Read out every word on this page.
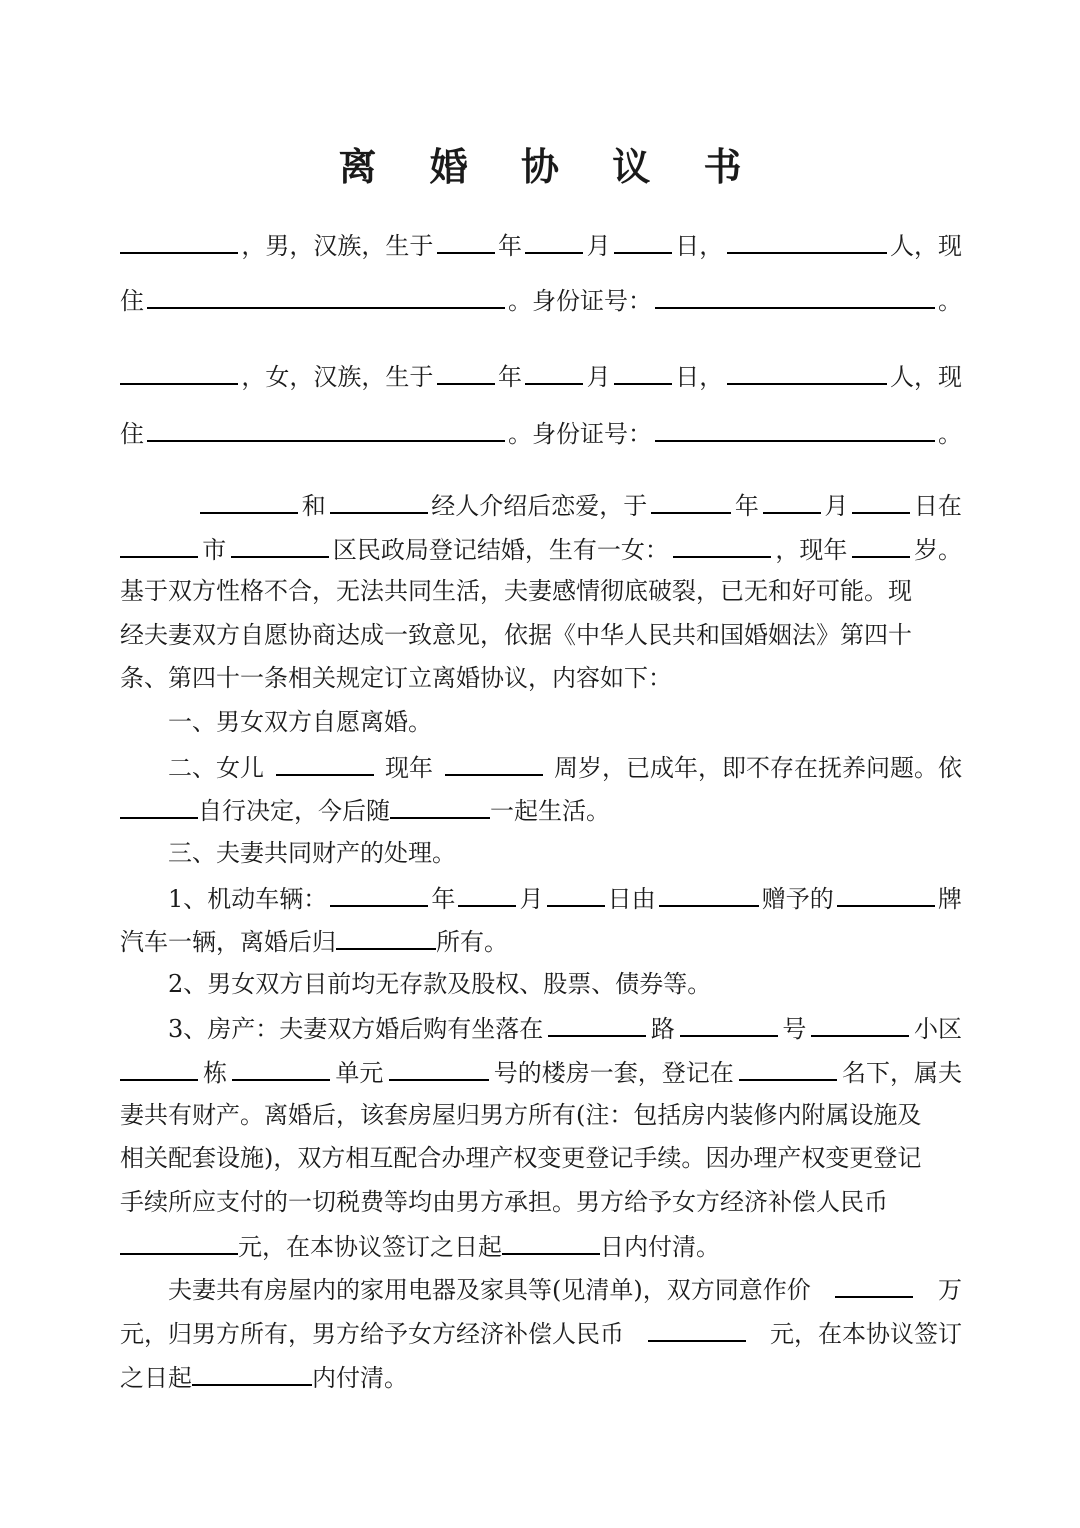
离 婚 协 议 书
，男，汉族，生于	年	月	日，	人，现
住	。身份证号：	。
，女，汉族，生于	年	月	日，	人，现
住	。身份证号：	。
和	经人介绍后恋爱，于	年	月	日在
市	区民政局登记结婚，生有一女：	，现年	岁。
基于双方性格不合，无法共同生活，夫妻感情彻底破裂，已无和好可能。现
经夫妻双方自愿协商达成一致意见，依据《中华人民共和国婚姻法》第四十
条、第四十一条相关规定订立离婚协议，内容如下：
一、男女双方自愿离婚。
二、女儿	现年	周岁，已成年，即不存在抚养问题。依
自行决定，今后随	一起生活。
三、夫妻共同财产的处理。
1、机动车辆：	年	月	日由	赠予的	牌
汽车一辆，离婚后归	所有。
2、男女双方目前均无存款及股权、股票、债券等。
3、房产：夫妻双方婚后购有坐落在	路	号	小区
栋	单元	号的楼房一套，登记在	名下，属夫
妻共有财产。离婚后，该套房屋归男方所有(注：包括房内装修内附属设施及
相关配套设施)，双方相互配合办理产权变更登记手续。因办理产权变更登记
手续所应支付的一切税费等均由男方承担。男方给予女方经济补偿人民币
元，在本协议签订之日起	日内付清。
夫妻共有房屋内的家用电器及家具等(见清单)，双方同意作价	万
元，归男方所有，男方给予女方经济补偿人民币	元，在本协议签订
之日起	内付清。
